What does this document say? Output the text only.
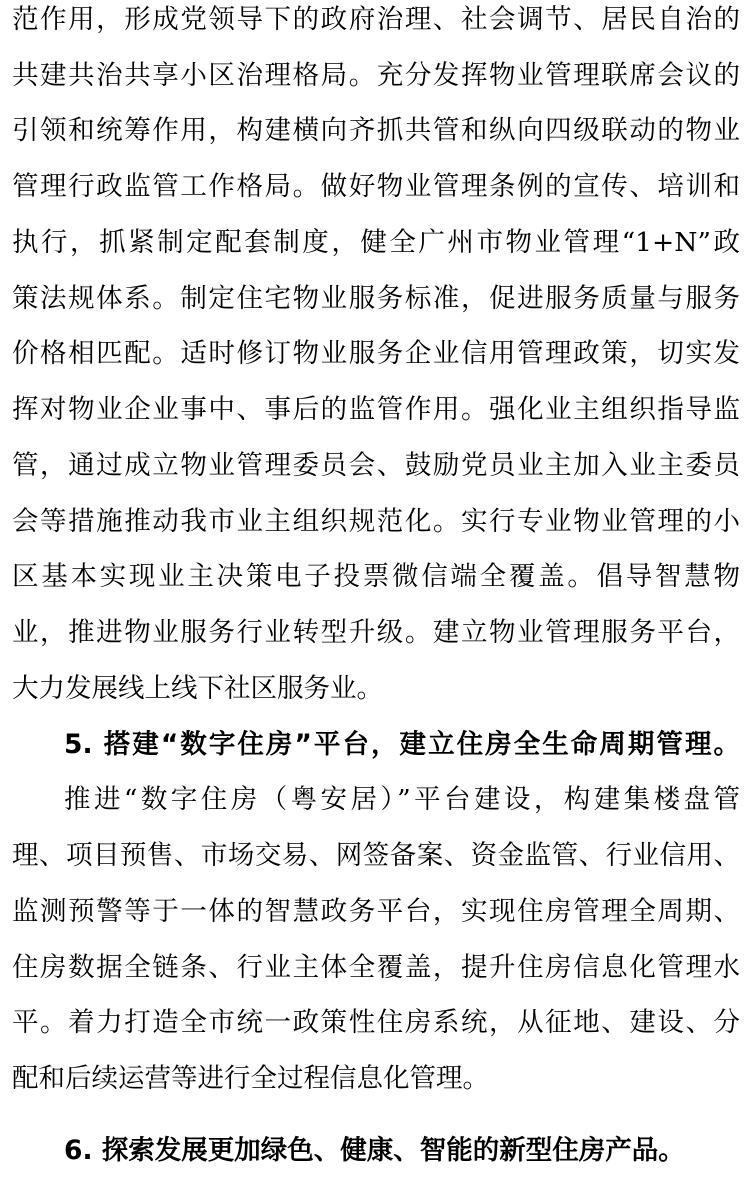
范作用，形成党领导下的政府治理、社会调节、居民自治的
共建共治共享小区治理格局。充分发挥物业管理联席会议的
引领和统筹作用，构建横向齐抓共管和纵向四级联动的物业
管理行政监管工作格局。做好物业管理条例的宣传、培训和
执行，抓紧制定配套制度，健全广州市物业管理“1+N”政
策法规体系。制定住宅物业服务标准，促进服务质量与服务
价格相匹配。适时修订物业服务企业信用管理政策，切实发
挥对物业企业事中、事后的监管作用。强化业主组织指导监
管，通过成立物业管理委员会、鼓励党员业主加入业主委员
会等措施推动我市业主组织规范化。实行专业物业管理的小
区基本实现业主决策电子投票微信端全覆盖。倡导智慧物
业，推进物业服务行业转型升级。建立物业管理服务平台，
大力发展线上线下社区服务业。
5. 搭建“数字住房”平台，建立住房全生命周期管理。
推进“数字住房（粤安居）”平台建设，构建集楼盘管
理、项目预售、市场交易、网签备案、资金监管、行业信用、
监测预警等于一体的智慧政务平台，实现住房管理全周期、
住房数据全链条、行业主体全覆盖，提升住房信息化管理水
平。着力打造全市统一政策性住房系统，从征地、建设、分
配和后续运营等进行全过程信息化管理。
6. 探索发展更加绿色、健康、智能的新型住房产品。
